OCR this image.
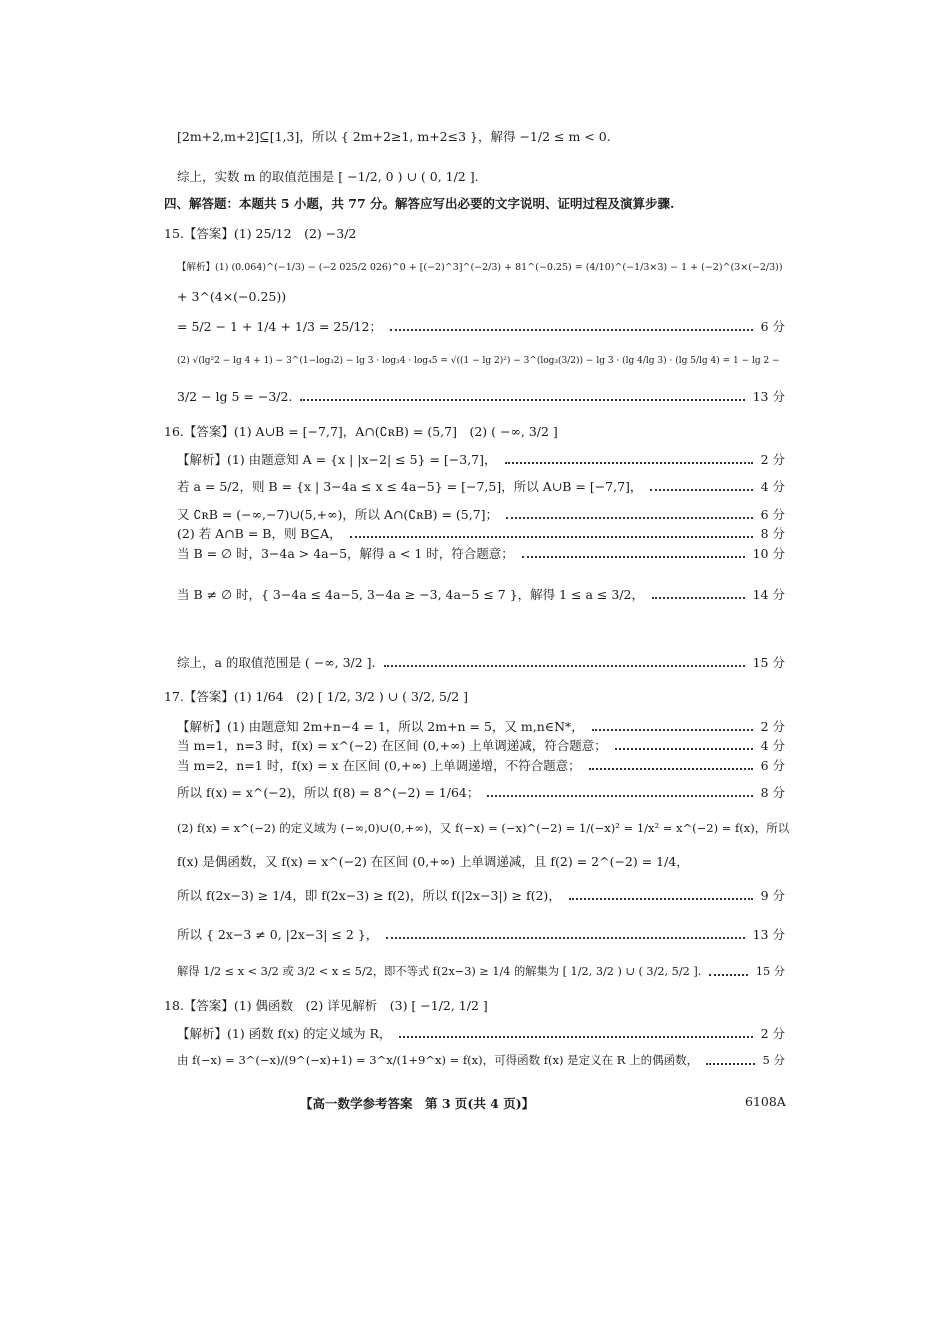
[2m+2,m+2]⊆[1,3]，所以 { 2m+2≥1, m+2≤3 }，解得 −1/2 ≤ m < 0.
综上，实数 m 的取值范围是 [ −1/2, 0 ) ∪ ( 0, 1/2 ].
四、解答题：本题共 5 小题，共 77 分。解答应写出必要的文字说明、证明过程及演算步骤.
15.【答案】(1) 25/12　(2) −3/2
【解析】(1) (0.064)^(−1/3) − (−2 025/2 026)^0 + [(−2)^3]^(−2/3) + 81^(−0.25) = (4/10)^(−1/3×3) − 1 + (−2)^(3×(−2/3))
+ 3^(4×(−0.25))
= 5/2 − 1 + 1/4 + 1/3 = 25/12；	6 分
(2) √(lg²2 − lg 4 + 1) − 3^(1−log₃2) − lg 3 · log₃4 · log₄5 = √((1 − lg 2)²) − 3^(log₃(3/2)) − lg 3 · (lg 4/lg 3) · (lg 5/lg 4) = 1 − lg 2 −
3/2 − lg 5 = −3/2.	13 分
16.【答案】(1) A∪B = [−7,7]，A∩(∁ʀB) = (5,7]　(2) ( −∞, 3/2 ]
【解析】(1) 由题意知 A = {x | |x−2| ≤ 5} = [−3,7]，	2 分
若 a = 5/2，则 B = {x | 3−4a ≤ x ≤ 4a−5} = [−7,5]，所以 A∪B = [−7,7]，	4 分
又 ∁ʀB = (−∞,−7)∪(5,+∞)，所以 A∩(∁ʀB) = (5,7]；	6 分
(2) 若 A∩B = B，则 B⊆A，	8 分
当 B = ∅ 时，3−4a > 4a−5，解得 a < 1 时，符合题意；	10 分
当 B ≠ ∅ 时，{ 3−4a ≤ 4a−5, 3−4a ≥ −3, 4a−5 ≤ 7 }，解得 1 ≤ a ≤ 3/2，	14 分
综上，a 的取值范围是 ( −∞, 3/2 ].	15 分
17.【答案】(1) 1/64　(2) [ 1/2, 3/2 ) ∪ ( 3/2, 5/2 ]
【解析】(1) 由题意知 2m+n−4 = 1，所以 2m+n = 5，又 m,n∈N*，	2 分
当 m=1，n=3 时，f(x) = x^(−2) 在区间 (0,+∞) 上单调递减，符合题意；	4 分
当 m=2，n=1 时，f(x) = x 在区间 (0,+∞) 上单调递增，不符合题意；	6 分
所以 f(x) = x^(−2)，所以 f(8) = 8^(−2) = 1/64；	8 分
(2) f(x) = x^(−2) 的定义域为 (−∞,0)∪(0,+∞)，又 f(−x) = (−x)^(−2) = 1/(−x)² = 1/x² = x^(−2) = f(x)，所以
f(x) 是偶函数，又 f(x) = x^(−2) 在区间 (0,+∞) 上单调递减，且 f(2) = 2^(−2) = 1/4，
所以 f(2x−3) ≥ 1/4，即 f(2x−3) ≥ f(2)，所以 f(|2x−3|) ≥ f(2)，	9 分
所以 { 2x−3 ≠ 0, |2x−3| ≤ 2 }，	13 分
解得 1/2 ≤ x < 3/2 或 3/2 < x ≤ 5/2，即不等式 f(2x−3) ≥ 1/4 的解集为 [ 1/2, 3/2 ) ∪ ( 3/2, 5/2 ].	15 分
18.【答案】(1) 偶函数　(2) 详见解析　(3) [ −1/2, 1/2 ]
【解析】(1) 函数 f(x) 的定义域为 R，	2 分
由 f(−x) = 3^(−x)/(9^(−x)+1) = 3^x/(1+9^x) = f(x)，可得函数 f(x) 是定义在 R 上的偶函数，	5 分
【高一数学参考答案　第 3 页(共 4 页)】	6108A
